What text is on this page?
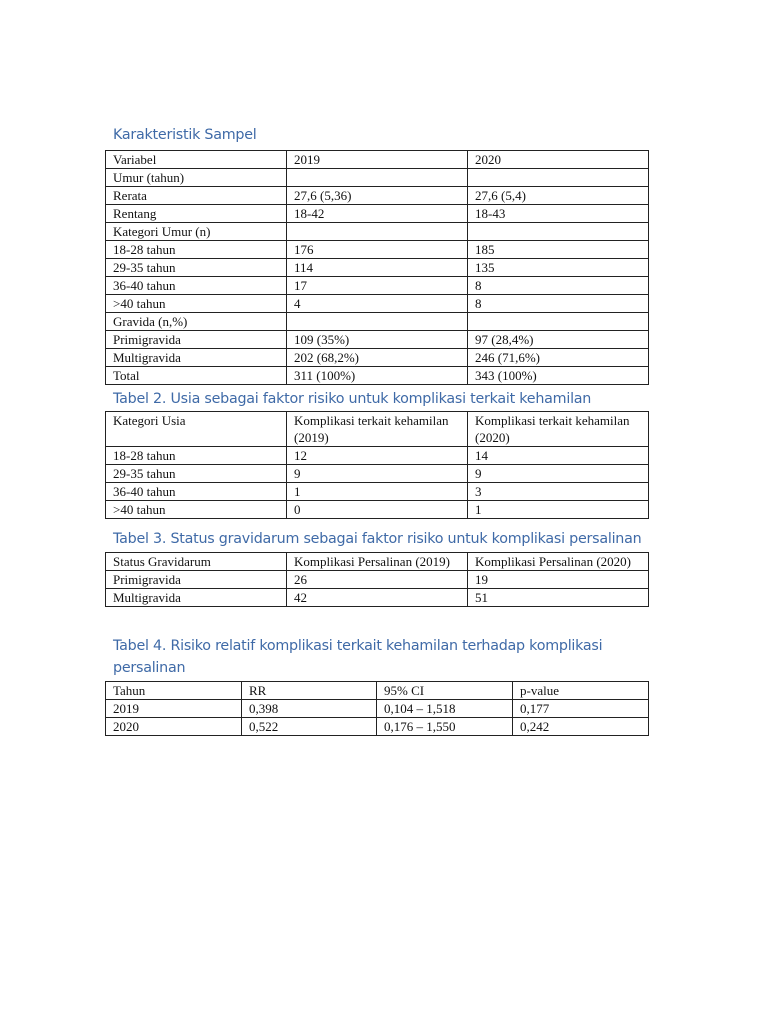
Karakteristik Sampel
Variabel	2019	2020
Umur (tahun)		
Rerata	27,6 (5,36)	27,6 (5,4)
Rentang	18-42	18-43
Kategori Umur (n)		
18-28 tahun	176	185
29-35 tahun	114	135
36-40 tahun	17	8
>40 tahun	4	8
Gravida (n,%)		
Primigravida	109 (35%)	97 (28,4%)
Multigravida	202 (68,2%)	246 (71,6%)
Total	311 (100%)	343 (100%)
Tabel 2. Usia sebagai faktor risiko untuk komplikasi terkait kehamilan
Kategori Usia	Komplikasi terkait kehamilan (2019)	Komplikasi terkait kehamilan (2020)
18-28 tahun	12	14
29-35 tahun	9	9
36-40 tahun	1	3
>40 tahun	0	1
Tabel 3. Status gravidarum sebagai faktor risiko untuk komplikasi persalinan
Status Gravidarum	Komplikasi Persalinan (2019)	Komplikasi Persalinan (2020)
Primigravida	26	19
Multigravida	42	51
Tabel 4. Risiko relatif komplikasi terkait kehamilan terhadap komplikasi persalinan
Tahun	RR	95% CI	p-value
2019	0,398	0,104 – 1,518	0,177
2020	0,522	0,176 – 1,550	0,242
